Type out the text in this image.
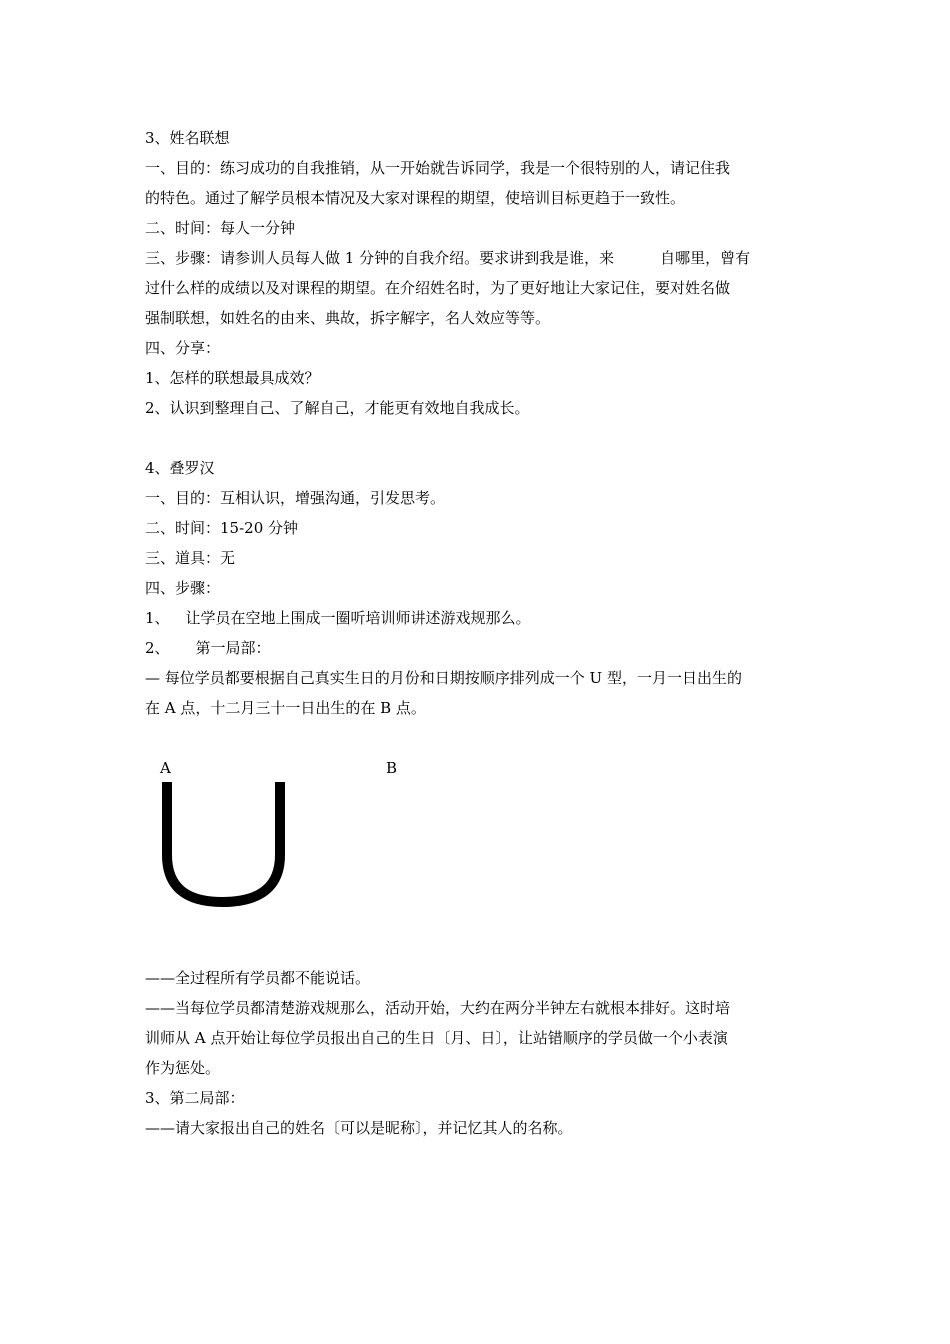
3、姓名联想
一、目的：练习成功的自我推销，从一开始就告诉同学，我是一个很特别的人，请记住我
的特色。通过了解学员根本情况及大家对课程的期望，使培训目标更趋于一致性。
二、时间：每人一分钟
三、步骤：请参训人员每人做 1 分钟的自我介绍。要求讲到我是谁，来	自哪里，曾有
过什么样的成绩以及对课程的期望。在介绍姓名时，为了更好地让大家记住，要对姓名做
强制联想，如姓名的由来、典故，拆字解字，名人效应等等。
四、分享：
1、怎样的联想最具成效？
2、认识到整理自己、了解自己，才能更有效地自我成长。
4、叠罗汉
一、目的：互相认识，增强沟通，引发思考。
二、时间：15-20 分钟
三、道具：无
四、步骤：
1、 让学员在空地上围成一圈听培训师讲述游戏规那么。
2、 第一局部：
— 每位学员都要根据自己真实生日的月份和日期按顺序排列成一个 U 型，一月一日出生的
在 A 点，十二月三十一日出生的在 B 点。
A	B
——全过程所有学员都不能说话。
——当每位学员都清楚游戏规那么，活动开始，大约在两分半钟左右就根本排好。这时培
训师从 A 点开始让每位学员报出自己的生日〔月、日〕，让站错顺序的学员做一个小表演
作为惩处。
3、第二局部：
——请大家报出自己的姓名〔可以是昵称〕，并记忆其人的名称。
